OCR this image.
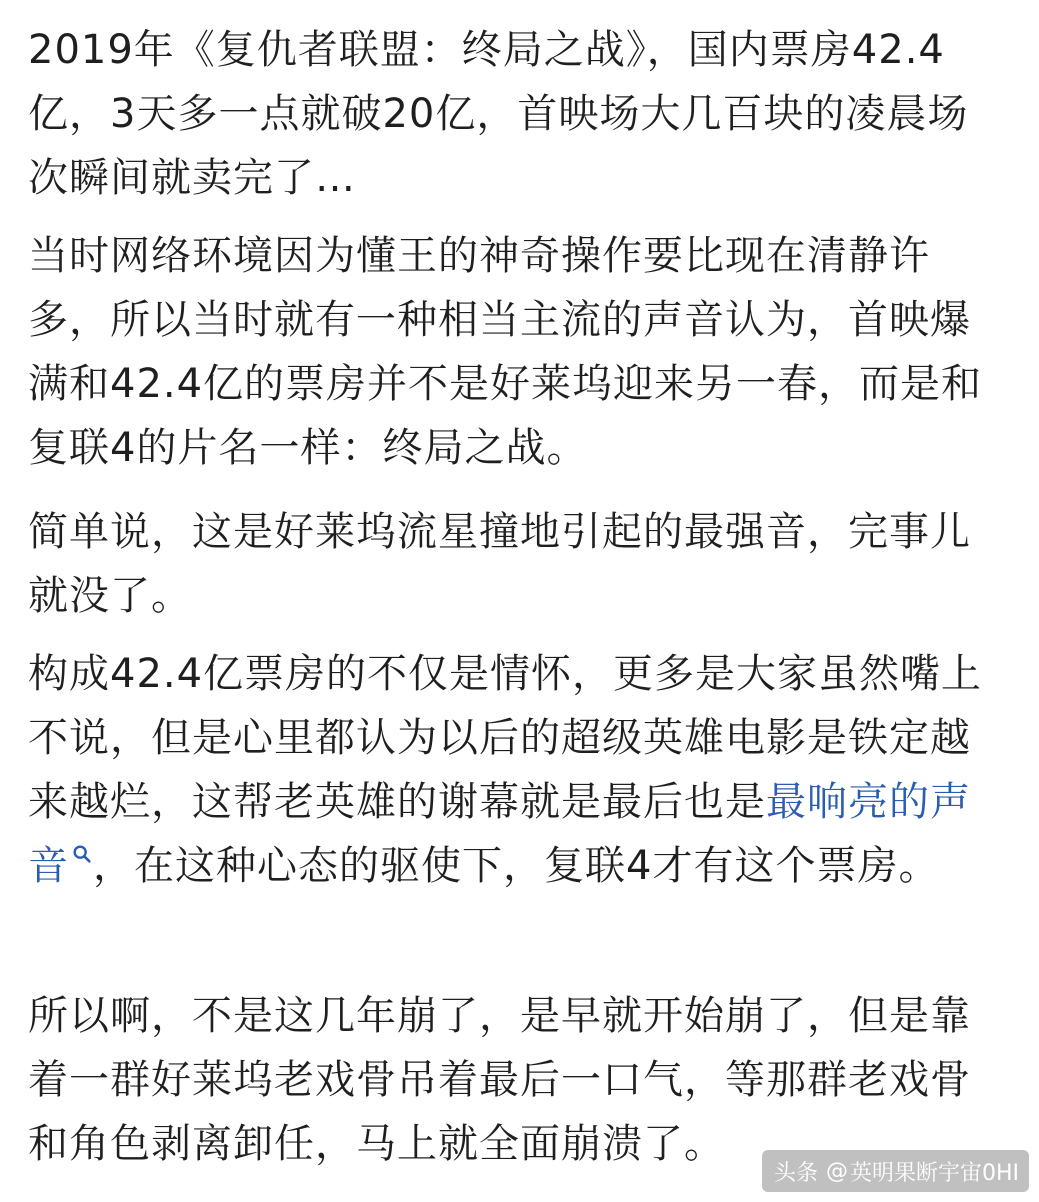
2019年《复仇者联盟：终局之战》，国内票房42.4亿，3天多一点就破20亿，首映场大几百块的凌晨场次瞬间就卖完了…

当时网络环境因为懂王的神奇操作要比现在清静许多，所以当时就有一种相当主流的声音认为，首映爆满和42.4亿的票房并不是好莱坞迎来另一春，而是和复联4的片名一样：终局之战。

简单说，这是好莱坞流星撞地引起的最强音，完事儿就没了。

构成42.4亿票房的不仅是情怀，更多是大家虽然嘴上不说，但是心里都认为以后的超级英雄电影是铁定越来越烂，这帮老英雄的谢幕就是最后也是最响亮的声音 ，在这种心态的驱使下，复联4才有这个票房。

所以啊，不是这几年崩了，是早就开始崩了，但是靠着一群好莱坞老戏骨吊着最后一口气，等那群老戏骨和角色剥离卸任，马上就全面崩溃了。

头条 @ 英明果断宇宙0HI
